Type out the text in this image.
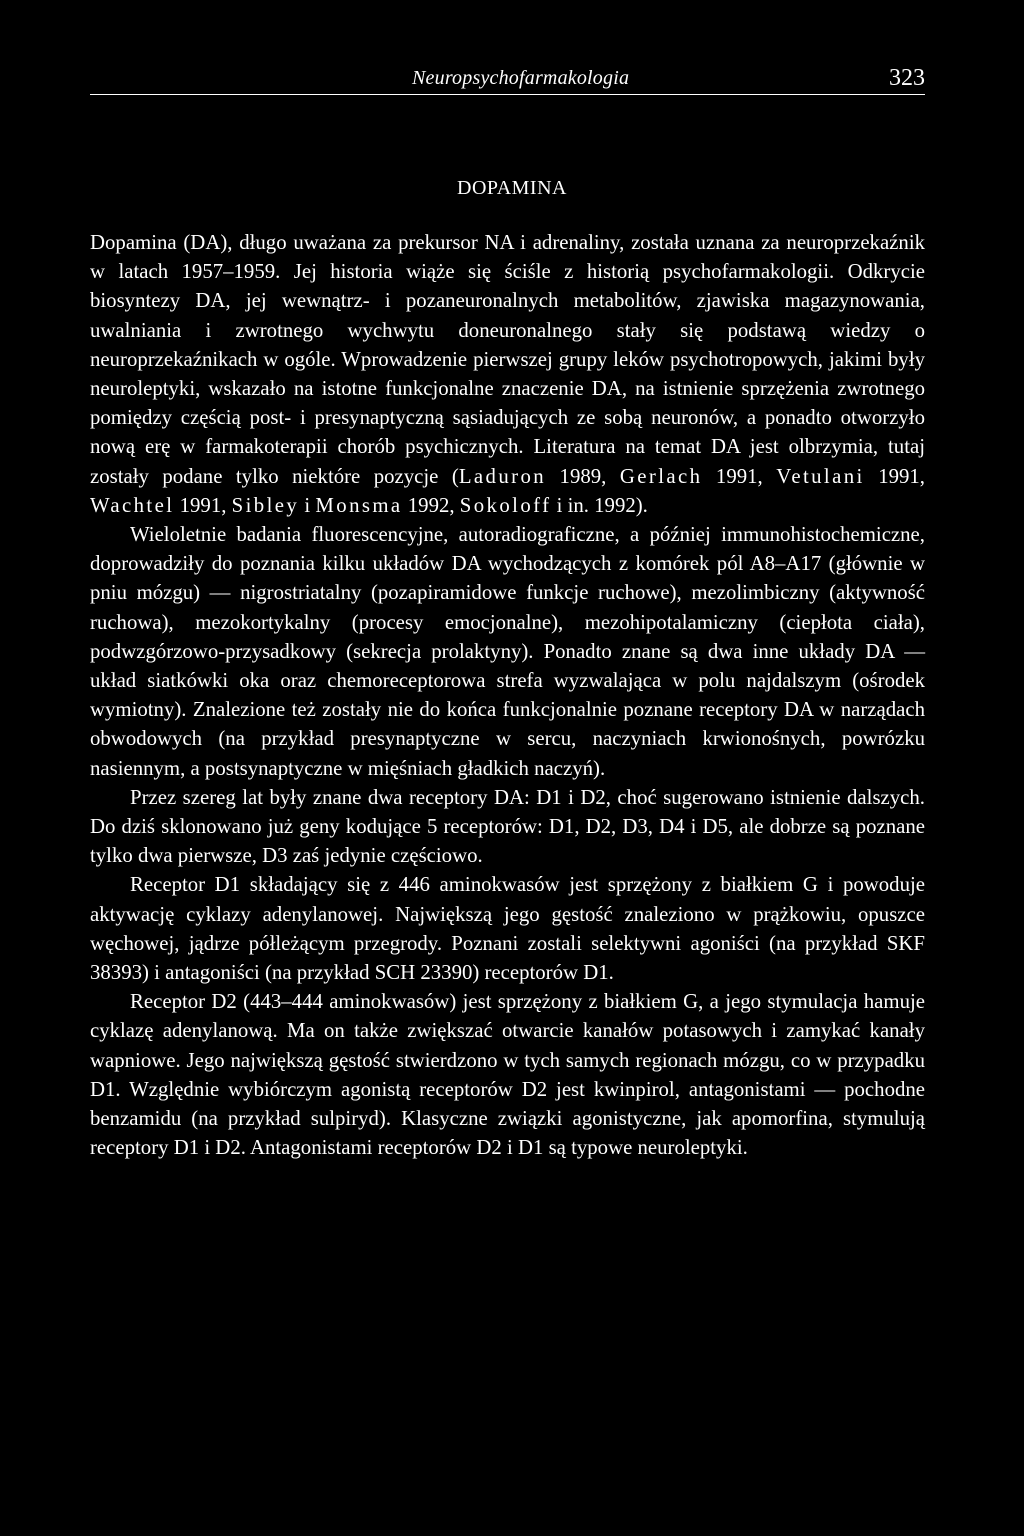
Neuropsychofarmakologia	323
DOPAMINA

Dopamina (DA), długo uważana za prekursor NA i adrenaliny, została uznana za neuroprzekaźnik w latach 1957–1959. Jej historia wiąże się ściśle z historią psychofarmakologii. Odkrycie biosyntezy DA, jej wewnątrz- i pozaneuronalnych metabolitów, zjawiska magazynowania, uwalniania i zwrotnego wychwytu doneuronalnego stały się podstawą wiedzy o neuroprzekaźnikach w ogóle. Wprowadzenie pierwszej grupy leków psychotropowych, jakimi były neuroleptyki, wskazało na istotne funkcjonalne znaczenie DA, na istnienie sprzężenia zwrotnego pomiędzy częścią post- i presynaptyczną sąsiadujących ze sobą neuronów, a ponadto otworzyło nową erę w farmakoterapii chorób psychicznych. Literatura na temat DA jest olbrzymia, tutaj zostały podane tylko niektóre pozycje (Laduron 1989, Gerlach 1991, Vetulani 1991, Wachtel 1991, Sibley i Monsma 1992, Sokoloff i in. 1992).

Wieloletnie badania fluorescencyjne, autoradiograficzne, a później immunohistochemiczne, doprowadziły do poznania kilku układów DA wychodzących z komórek pól A8–A17 (głównie w pniu mózgu) — nigrostriatalny (pozapiramidowe funkcje ruchowe), mezolimbiczny (aktywność ruchowa), mezokortykalny (procesy emocjonalne), mezohipotalamiczny (ciepłota ciała), podwzgórzowo-przysadkowy (sekrecja prolaktyny). Ponadto znane są dwa inne układy DA — układ siatkówki oka oraz chemoreceptorowa strefa wyzwalająca w polu najdalszym (ośrodek wymiotny). Znalezione też zostały nie do końca funkcjonalnie poznane receptory DA w narządach obwodowych (na przykład presynaptyczne w sercu, naczyniach krwionośnych, powrózku nasiennym, a postsynaptyczne w mięśniach gładkich naczyń).

Przez szereg lat były znane dwa receptory DA: D1 i D2, choć sugerowano istnienie dalszych. Do dziś sklonowano już geny kodujące 5 receptorów: D1, D2, D3, D4 i D5, ale dobrze są poznane tylko dwa pierwsze, D3 zaś jedynie częściowo.

Receptor D1 składający się z 446 aminokwasów jest sprzężony z białkiem G i powoduje aktywację cyklazy adenylanowej. Największą jego gęstość znaleziono w prążkowiu, opuszce węchowej, jądrze półleżącym przegrody. Poznani zostali selektywni agoniści (na przykład SKF 38393) i antagoniści (na przykład SCH 23390) receptorów D1.

Receptor D2 (443–444 aminokwasów) jest sprzężony z białkiem G, a jego stymulacja hamuje cyklazę adenylanową. Ma on także zwiększać otwarcie kanałów potasowych i zamykać kanały wapniowe. Jego największą gęstość stwierdzono w tych samych regionach mózgu, co w przypadku D1. Względnie wybiórczym agonistą receptorów D2 jest kwinpirol, antagonistami — pochodne benzamidu (na przykład sulpiryd). Klasyczne związki agonistyczne, jak apomorfina, stymulują receptory D1 i D2. Antagonistami receptorów D2 i D1 są typowe neuroleptyki.
